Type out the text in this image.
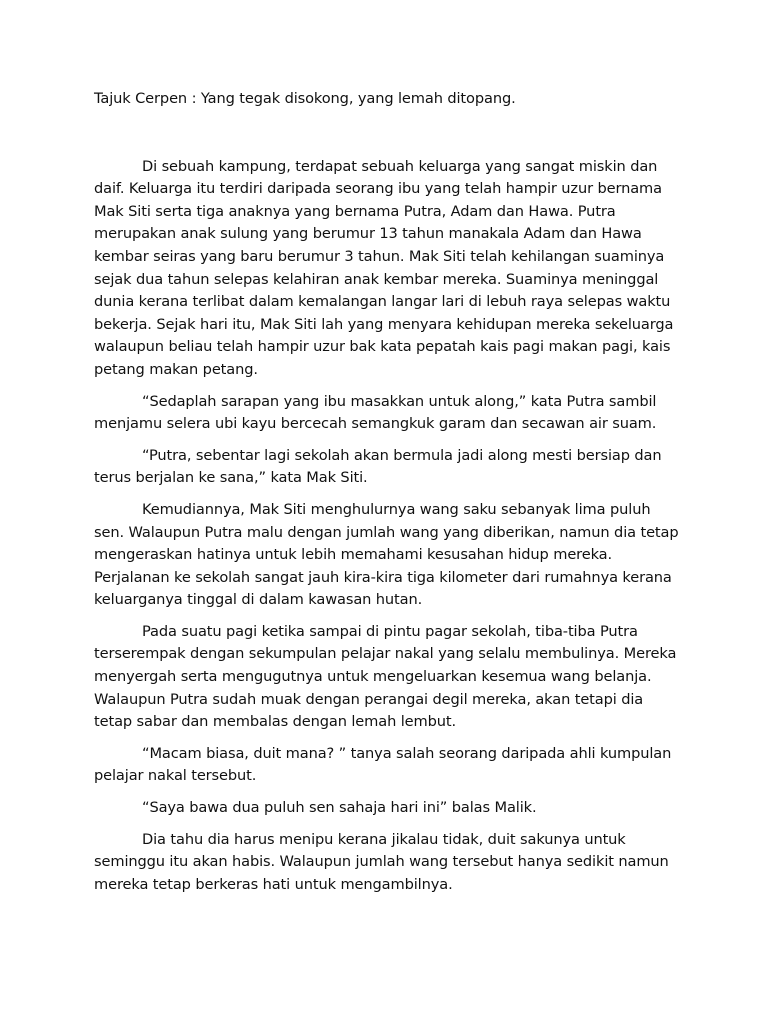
Tajuk Cerpen : Yang tegak disokong, yang lemah ditopang.

Di sebuah kampung, terdapat sebuah keluarga yang sangat miskin dan daif. Keluarga itu terdiri daripada seorang ibu yang telah hampir uzur bernama Mak Siti serta tiga anaknya yang bernama Putra, Adam dan Hawa. Putra merupakan anak sulung yang berumur 13 tahun manakala Adam dan Hawa kembar seiras yang baru berumur 3 tahun. Mak Siti telah kehilangan suaminya sejak dua tahun selepas kelahiran anak kembar mereka. Suaminya meninggal dunia kerana terlibat dalam kemalangan langar lari di lebuh raya selepas waktu bekerja. Sejak hari itu, Mak Siti lah yang menyara kehidupan mereka sekeluarga walaupun beliau telah hampir uzur bak kata pepatah kais pagi makan pagi, kais petang makan petang.

“Sedaplah sarapan yang ibu masakkan untuk along,” kata Putra sambil menjamu selera ubi kayu bercecah semangkuk garam dan secawan air suam.

“Putra, sebentar lagi sekolah akan bermula jadi along mesti bersiap dan terus berjalan ke sana,” kata Mak Siti.

Kemudiannya, Mak Siti menghulurnya wang saku sebanyak lima puluh sen. Walaupun Putra malu dengan jumlah wang yang diberikan, namun dia tetap mengeraskan hatinya untuk lebih memahami kesusahan hidup mereka. Perjalanan ke sekolah sangat jauh kira-kira tiga kilometer dari rumahnya kerana keluarganya tinggal di dalam kawasan hutan.

Pada suatu pagi ketika sampai di pintu pagar sekolah, tiba-tiba Putra terserempak dengan sekumpulan pelajar nakal yang selalu membulinya. Mereka menyergah serta mengugutnya untuk mengeluarkan kesemua wang belanja. Walaupun Putra sudah muak dengan perangai degil mereka, akan tetapi dia tetap sabar dan membalas dengan lemah lembut.

“Macam biasa, duit mana? ” tanya salah seorang daripada ahli kumpulan pelajar nakal tersebut.

“Saya bawa dua puluh sen sahaja hari ini” balas Malik.

Dia tahu dia harus menipu kerana jikalau tidak, duit sakunya untuk seminggu itu akan habis. Walaupun jumlah wang tersebut hanya sedikit namun mereka tetap berkeras hati untuk mengambilnya.
